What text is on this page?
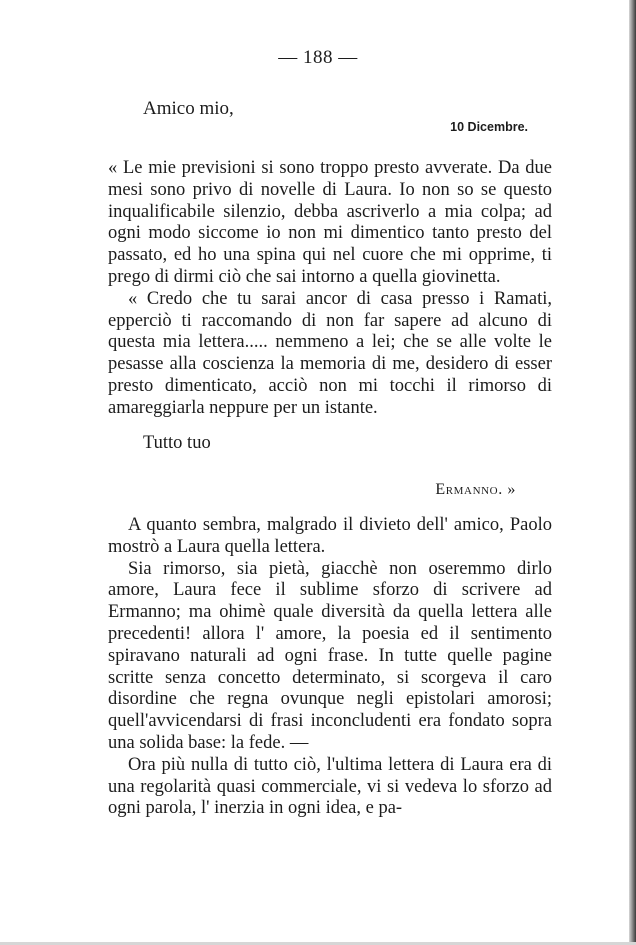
— 188 —
Amico mio,
10 Dicembre.

« Le mie previsioni si sono troppo presto avverate. Da due mesi sono privo di novelle di Laura. Io non so se questo inqualificabile silenzio, debba ascriverlo a mia colpa; ad ogni modo siccome io non mi dimentico tanto presto del passato, ed ho una spina qui nel cuore che mi opprime, ti prego di dirmi ciò che sai intorno a quella giovinetta.

« Credo che tu sarai ancor di casa presso i Ramati, epperciò ti raccomando di non far sapere ad alcuno di questa mia lettera..... nemmeno a lei; che se alle volte le pesasse alla coscienza la memoria di me, desidero di esser presto dimenticato, acciò non mi tocchi il rimorso di amareggiarla neppure per un istante.

Tutto tuo
Ermanno. »

A quanto sembra, malgrado il divieto dell' amico, Paolo mostrò a Laura quella lettera.

Sia rimorso, sia pietà, giacchè non oseremmo dirlo amore, Laura fece il sublime sforzo di scrivere ad Ermanno; ma ohimè quale diversità da quella lettera alle precedenti! allora l' amore, la poesia ed il sentimento spiravano naturali ad ogni frase. In tutte quelle pagine scritte senza concetto determinato, si scorgeva il caro disordine che regna ovunque negli epistolari amorosi; quell'avvicendarsi di frasi inconcludenti era fondato sopra una solida base: la fede. —

Ora più nulla di tutto ciò, l'ultima lettera di Laura era di una regolarità quasi commerciale, vi si vedeva lo sforzo ad ogni parola, l' inerzia in ogni idea, e pa-
